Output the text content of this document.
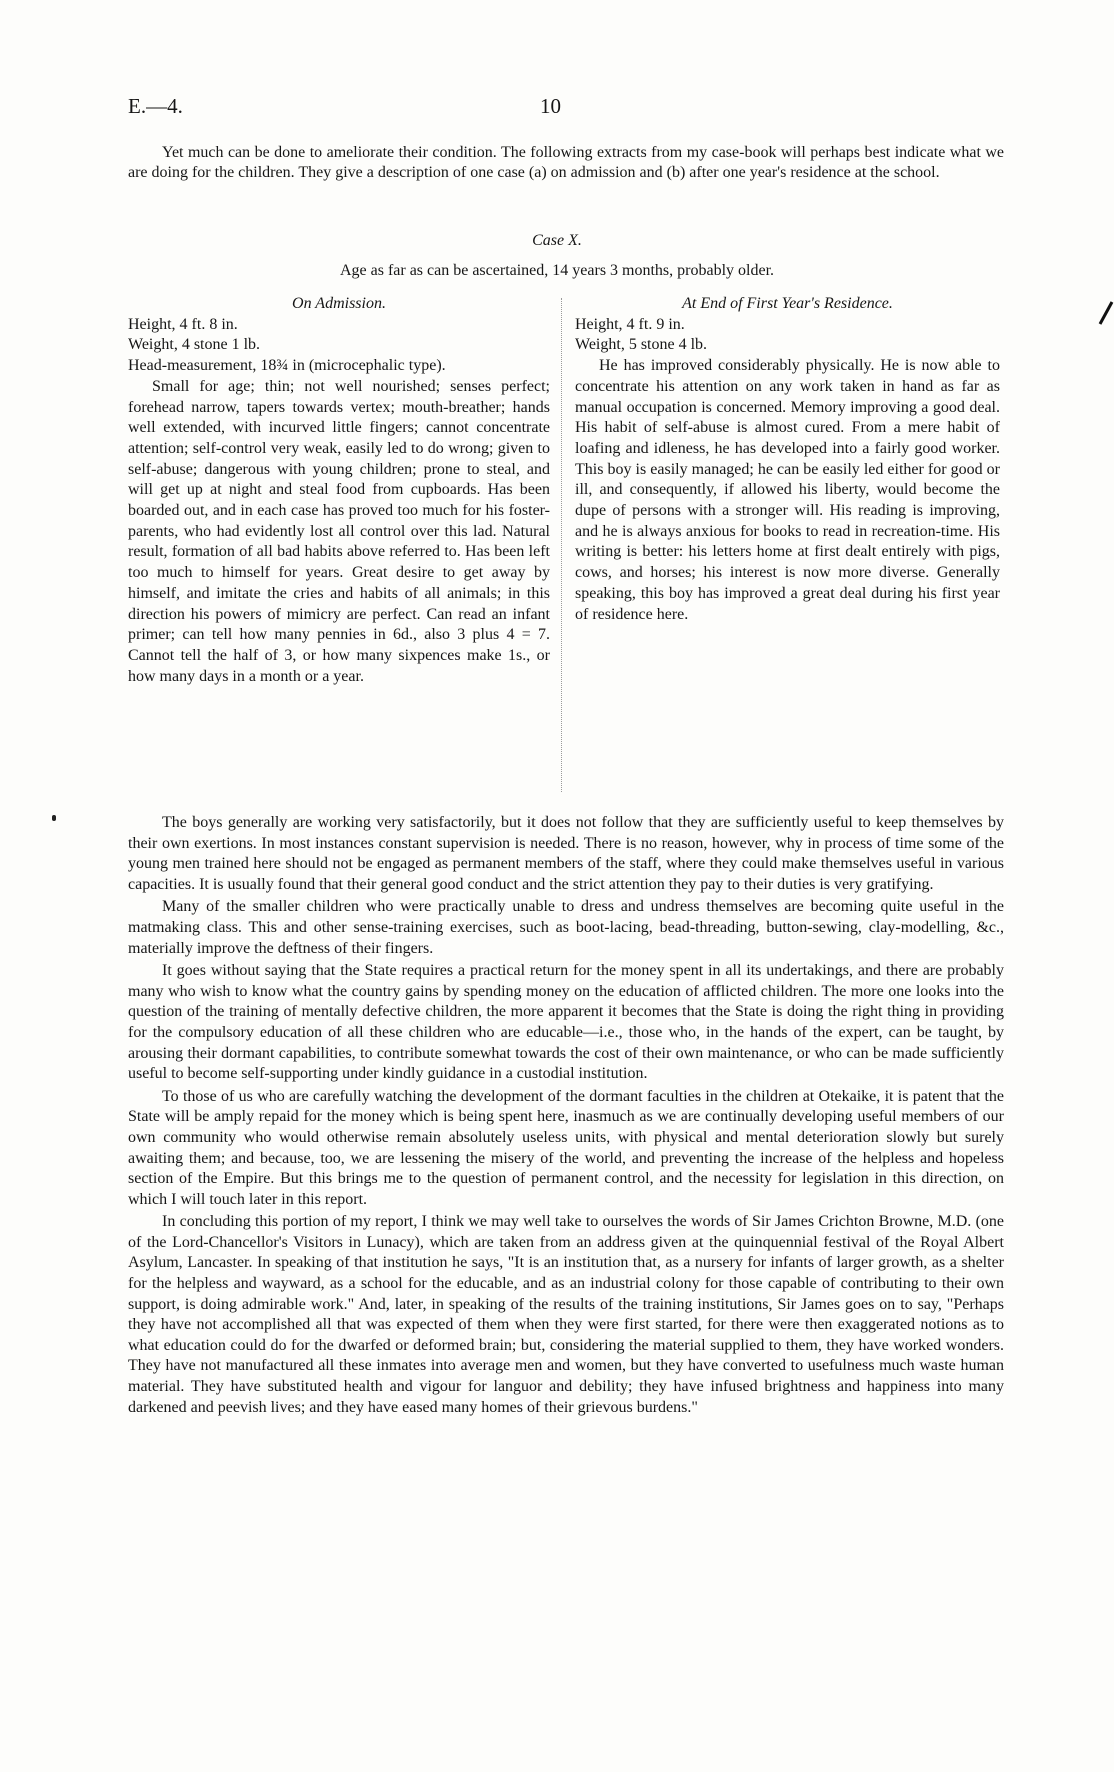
E.—4.	10

Yet much can be done to ameliorate their condition. The following extracts from my case-book will perhaps best indicate what we are doing for the children. They give a description of one case (a) on admission and (b) after one year's residence at the school.

Case X.

Age as far as can be ascertained, 14 years 3 months, probably older.

On Admission.

Height, 4 ft. 8 in.

Weight, 4 stone 1 lb.

Head-measurement, 18¾ in (microcephalic type).

Small for age; thin; not well nourished; senses perfect; forehead narrow, tapers towards vertex; mouth-breather; hands well extended, with incurved little fingers; cannot concentrate attention; self-control very weak, easily led to do wrong; given to self-abuse; dangerous with young children; prone to steal, and will get up at night and steal food from cupboards. Has been boarded out, and in each case has proved too much for his foster-parents, who had evidently lost all control over this lad. Natural result, formation of all bad habits above referred to. Has been left too much to himself for years. Great desire to get away by himself, and imitate the cries and habits of all animals; in this direction his powers of mimicry are perfect. Can read an infant primer; can tell how many pennies in 6d., also 3 plus 4 = 7. Cannot tell the half of 3, or how many sixpences make 1s., or how many days in a month or a year.

At End of First Year's Residence.

Height, 4 ft. 9 in.

Weight, 5 stone 4 lb.

He has improved considerably physically. He is now able to concentrate his attention on any work taken in hand as far as manual occupation is concerned. Memory improving a good deal. His habit of self-abuse is almost cured. From a mere habit of loafing and idleness, he has developed into a fairly good worker. This boy is easily managed; he can be easily led either for good or ill, and consequently, if allowed his liberty, would become the dupe of persons with a stronger will. His reading is improving, and he is always anxious for books to read in recreation-time. His writing is better: his letters home at first dealt entirely with pigs, cows, and horses; his interest is now more diverse. Generally speaking, this boy has improved a great deal during his first year of residence here.

The boys generally are working very satisfactorily, but it does not follow that they are sufficiently useful to keep themselves by their own exertions. In most instances constant supervision is needed. There is no reason, however, why in process of time some of the young men trained here should not be engaged as permanent members of the staff, where they could make themselves useful in various capacities. It is usually found that their general good conduct and the strict attention they pay to their duties is very gratifying.

Many of the smaller children who were practically unable to dress and undress themselves are becoming quite useful in the matmaking class. This and other sense-training exercises, such as boot-lacing, bead-threading, button-sewing, clay-modelling, &c., materially improve the deftness of their fingers.

It goes without saying that the State requires a practical return for the money spent in all its undertakings, and there are probably many who wish to know what the country gains by spending money on the education of afflicted children. The more one looks into the question of the training of mentally defective children, the more apparent it becomes that the State is doing the right thing in providing for the compulsory education of all these children who are educable—i.e., those who, in the hands of the expert, can be taught, by arousing their dormant capabilities, to contribute somewhat towards the cost of their own maintenance, or who can be made sufficiently useful to become self-supporting under kindly guidance in a custodial institution.

To those of us who are carefully watching the development of the dormant faculties in the children at Otekaike, it is patent that the State will be amply repaid for the money which is being spent here, inasmuch as we are continually developing useful members of our own community who would otherwise remain absolutely useless units, with physical and mental deterioration slowly but surely awaiting them; and because, too, we are lessening the misery of the world, and preventing the increase of the helpless and hopeless section of the Empire. But this brings me to the question of permanent control, and the necessity for legislation in this direction, on which I will touch later in this report.

In concluding this portion of my report, I think we may well take to ourselves the words of Sir James Crichton Browne, M.D. (one of the Lord-Chancellor's Visitors in Lunacy), which are taken from an address given at the quinquennial festival of the Royal Albert Asylum, Lancaster. In speaking of that institution he says, "It is an institution that, as a nursery for infants of larger growth, as a shelter for the helpless and wayward, as a school for the educable, and as an industrial colony for those capable of contributing to their own support, is doing admirable work." And, later, in speaking of the results of the training institutions, Sir James goes on to say, "Perhaps they have not accomplished all that was expected of them when they were first started, for there were then exaggerated notions as to what education could do for the dwarfed or deformed brain; but, considering the material supplied to them, they have worked wonders. They have not manufactured all these inmates into average men and women, but they have converted to usefulness much waste human material. They have substituted health and vigour for languor and debility; they have infused brightness and happiness into many darkened and peevish lives; and they have eased many homes of their grievous burdens."
